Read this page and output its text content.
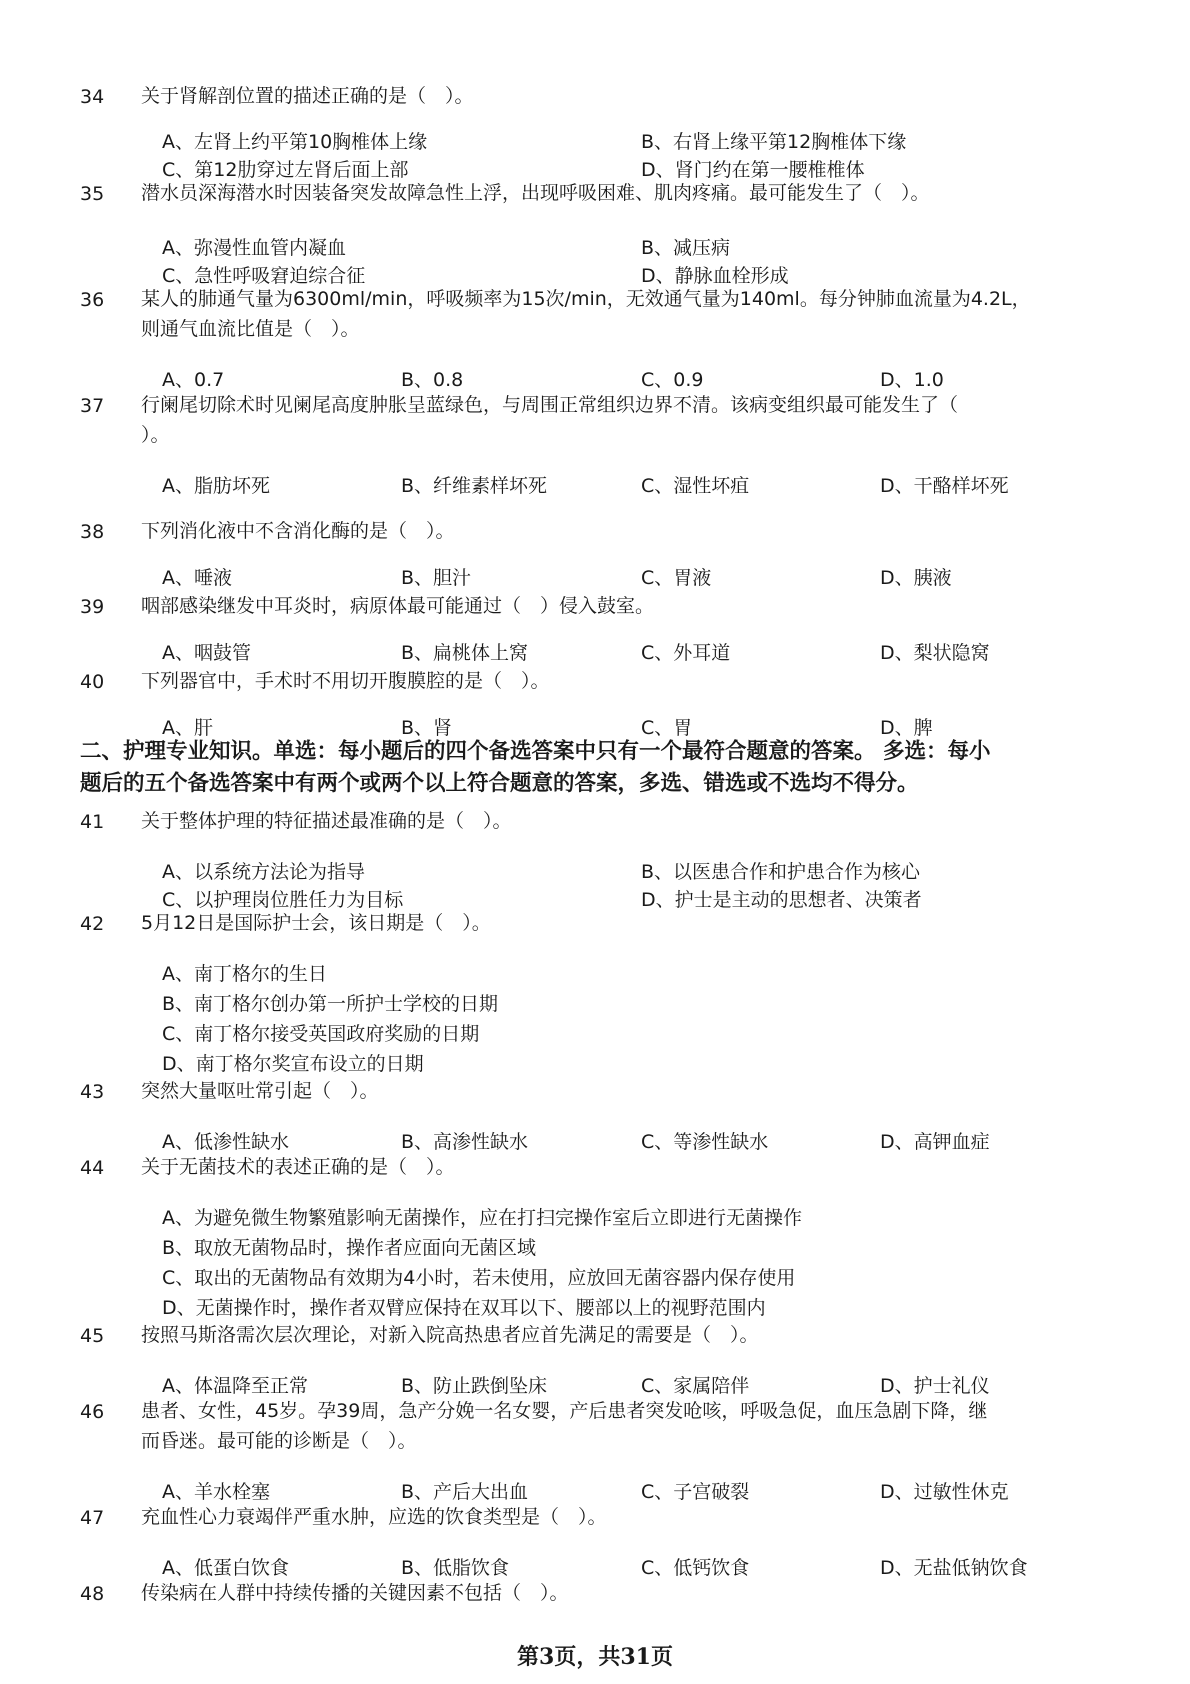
34 关于肾解剖位置的描述正确的是（　）。
A、左肾上约平第10胸椎体上缘	B、右肾上缘平第12胸椎体下缘
C、第12肋穿过左肾后面上部	D、肾门约在第一腰椎椎体
35 潜水员深海潜水时因装备突发故障急性上浮，出现呼吸困难、肌肉疼痛。最可能发生了（　）。
A、弥漫性血管内凝血	B、减压病
C、急性呼吸窘迫综合征	D、静脉血栓形成
36 某人的肺通气量为6300ml/min，呼吸频率为15次/min，无效通气量为140ml。每分钟肺血流量为4.2L，
则通气血流比值是（　）。
A、0.7	B、0.8	C、0.9	D、1.0
37 行阑尾切除术时见阑尾高度肿胀呈蓝绿色，与周围正常组织边界不清。该病变组织最可能发生了（
）。
A、脂肪坏死	B、纤维素样坏死	C、湿性坏疽	D、干酪样坏死
38 下列消化液中不含消化酶的是（　）。
A、唾液	B、胆汁	C、胃液	D、胰液
39 咽部感染继发中耳炎时，病原体最可能通过（　）侵入鼓室。
A、咽鼓管	B、扁桃体上窝	C、外耳道	D、梨状隐窝
40 下列器官中，手术时不用切开腹膜腔的是（　）。
A、肝	B、肾	C、胃	D、脾
二、护理专业知识。单选：每小题后的四个备选答案中只有一个最符合题意的答案。 多选：每小
题后的五个备选答案中有两个或两个以上符合题意的答案，多选、错选或不选均不得分。
41 关于整体护理的特征描述最准确的是（　）。
A、以系统方法论为指导	B、以医患合作和护患合作为核心
C、以护理岗位胜任力为目标	D、护士是主动的思想者、决策者
42 5月12日是国际护士会，该日期是（　）。
A、南丁格尔的生日
B、南丁格尔创办第一所护士学校的日期
C、南丁格尔接受英国政府奖励的日期
D、南丁格尔奖宣布设立的日期
43 突然大量呕吐常引起（　）。
A、低渗性缺水	B、高渗性缺水	C、等渗性缺水	D、高钾血症
44 关于无菌技术的表述正确的是（　）。
A、为避免微生物繁殖影响无菌操作，应在打扫完操作室后立即进行无菌操作
B、取放无菌物品时，操作者应面向无菌区域
C、取出的无菌物品有效期为4小时，若未使用，应放回无菌容器内保存使用
D、无菌操作时，操作者双臂应保持在双耳以下、腰部以上的视野范围内
45 按照马斯洛需次层次理论，对新入院高热患者应首先满足的需要是（　）。
A、体温降至正常	B、防止跌倒坠床	C、家属陪伴	D、护士礼仪
46 患者、女性，45岁。孕39周，急产分娩一名女婴，产后患者突发呛咳，呼吸急促，血压急剧下降，继
而昏迷。最可能的诊断是（　）。
A、羊水栓塞	B、产后大出血	C、子宫破裂	D、过敏性休克
47 充血性心力衰竭伴严重水肿，应选的饮食类型是（　）。
A、低蛋白饮食	B、低脂饮食	C、低钙饮食	D、无盐低钠饮食
48 传染病在人群中持续传播的关键因素不包括（　）。
第3页，共31页
